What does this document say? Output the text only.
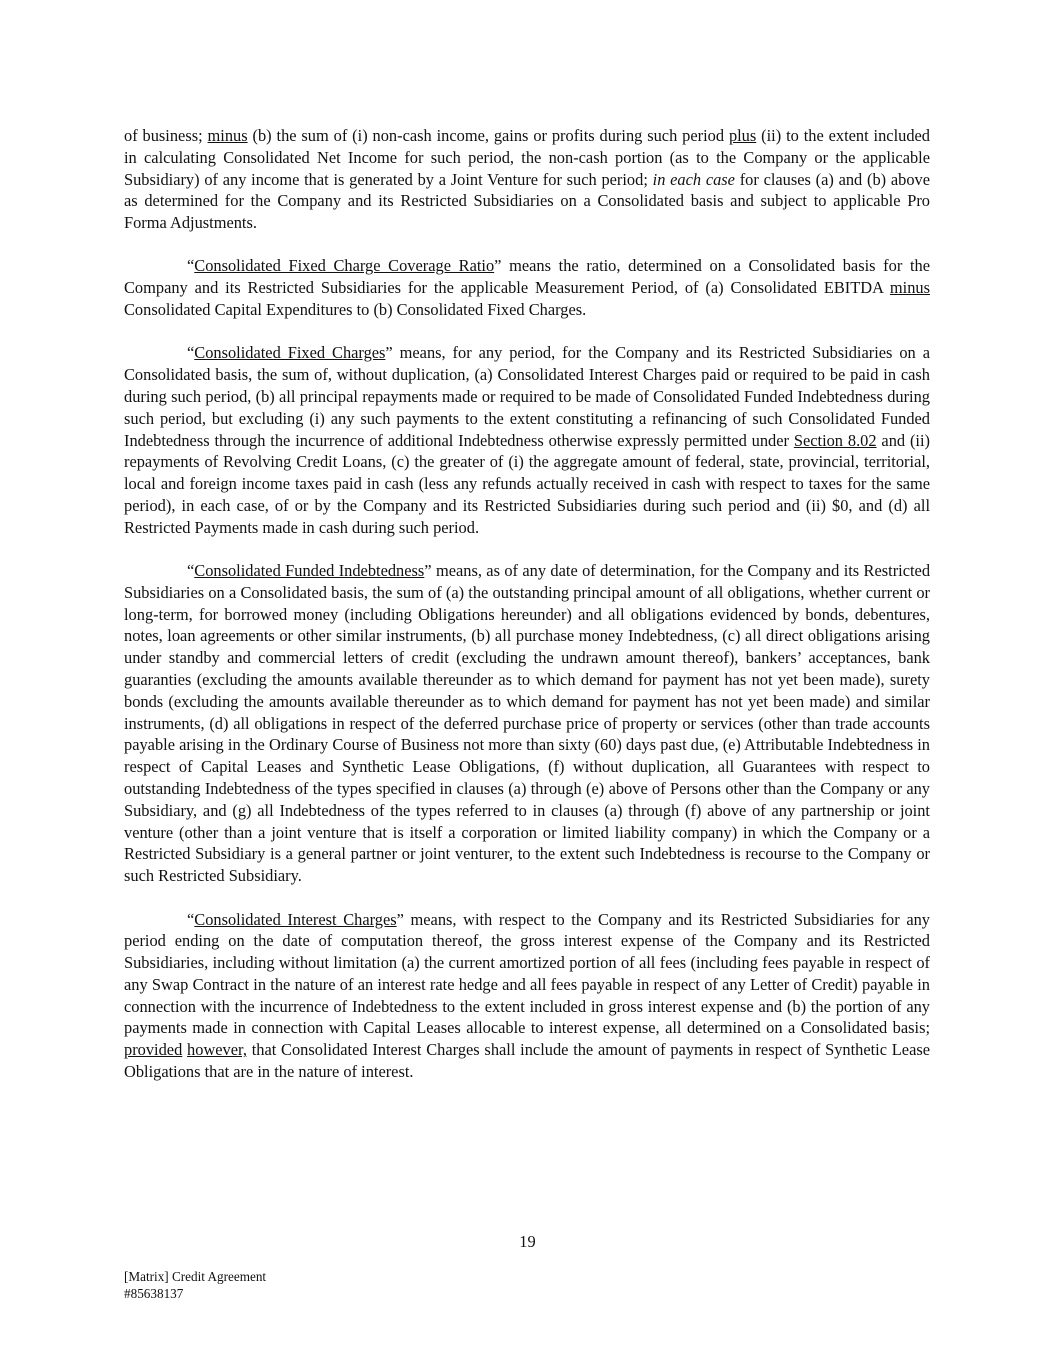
of business; minus (b) the sum of (i) non-cash income, gains or profits during such period plus (ii) to the extent included in calculating Consolidated Net Income for such period, the non-cash portion (as to the Company or the applicable Subsidiary) of any income that is generated by a Joint Venture for such period; in each case for clauses (a) and (b) above as determined for the Company and its Restricted Subsidiaries on a Consolidated basis and subject to applicable Pro Forma Adjustments.

“Consolidated Fixed Charge Coverage Ratio” means the ratio, determined on a Consolidated basis for the Company and its Restricted Subsidiaries for the applicable Measurement Period, of (a) Consolidated EBITDA minus Consolidated Capital Expenditures to (b) Consolidated Fixed Charges.

“Consolidated Fixed Charges” means, for any period, for the Company and its Restricted Subsidiaries on a Consolidated basis, the sum of, without duplication, (a) Consolidated Interest Charges paid or required to be paid in cash during such period, (b) all principal repayments made or required to be made of Consolidated Funded Indebtedness during such period, but excluding (i) any such payments to the extent constituting a refinancing of such Consolidated Funded Indebtedness through the incurrence of additional Indebtedness otherwise expressly permitted under Section 8.02 and (ii) repayments of Revolving Credit Loans, (c) the greater of (i) the aggregate amount of federal, state, provincial, territorial, local and foreign income taxes paid in cash (less any refunds actually received in cash with respect to taxes for the same period), in each case, of or by the Company and its Restricted Subsidiaries during such period and (ii) $0, and (d) all Restricted Payments made in cash during such period.

“Consolidated Funded Indebtedness” means, as of any date of determination, for the Company and its Restricted Subsidiaries on a Consolidated basis, the sum of (a) the outstanding principal amount of all obligations, whether current or long-term, for borrowed money (including Obligations hereunder) and all obligations evidenced by bonds, debentures, notes, loan agreements or other similar instruments, (b) all purchase money Indebtedness, (c) all direct obligations arising under standby and commercial letters of credit (excluding the undrawn amount thereof), bankers’ acceptances, bank guaranties (excluding the amounts available thereunder as to which demand for payment has not yet been made), surety bonds (excluding the amounts available thereunder as to which demand for payment has not yet been made) and similar instruments, (d) all obligations in respect of the deferred purchase price of property or services (other than trade accounts payable arising in the Ordinary Course of Business not more than sixty (60) days past due, (e) Attributable Indebtedness in respect of Capital Leases and Synthetic Lease Obligations, (f) without duplication, all Guarantees with respect to outstanding Indebtedness of the types specified in clauses (a) through (e) above of Persons other than the Company or any Subsidiary, and (g) all Indebtedness of the types referred to in clauses (a) through (f) above of any partnership or joint venture (other than a joint venture that is itself a corporation or limited liability company) in which the Company or a Restricted Subsidiary is a general partner or joint venturer, to the extent such Indebtedness is recourse to the Company or such Restricted Subsidiary.

“Consolidated Interest Charges” means, with respect to the Company and its Restricted Subsidiaries for any period ending on the date of computation thereof, the gross interest expense of the Company and its Restricted Subsidiaries, including without limitation (a) the current amortized portion of all fees (including fees payable in respect of any Swap Contract in the nature of an interest rate hedge and all fees payable in respect of any Letter of Credit) payable in connection with the incurrence of Indebtedness to the extent included in gross interest expense and (b) the portion of any payments made in connection with Capital Leases allocable to interest expense, all determined on a Consolidated basis; provided however, that Consolidated Interest Charges shall include the amount of payments in respect of Synthetic Lease Obligations that are in the nature of interest.

19
[Matrix] Credit Agreement
#85638137
